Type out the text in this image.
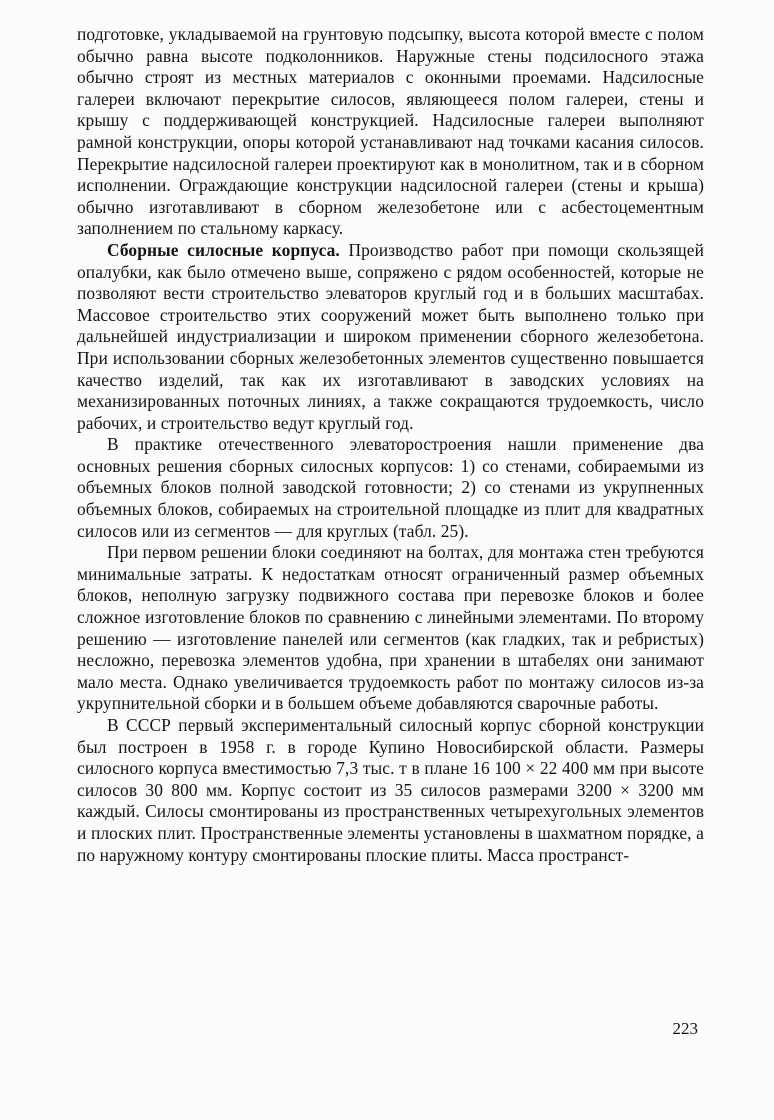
подготовке, укладываемой на грунтовую подсыпку, высота которой вместе с полом обычно равна высоте подколонников. Наружные стены подсилосного этажа обычно строят из местных материалов с оконными проемами. Надсилосные галереи включают перекрытие силосов, являющееся полом галереи, стены и крышу с поддерживающей конструкцией. Надсилосные галереи выполняют рамной конструкции, опоры которой устанавливают над точками касания силосов. Перекрытие надсилосной галереи проектируют как в монолитном, так и в сборном исполнении. Ограждающие конструкции надсилосной галереи (стены и крыша) обычно изготавливают в сборном железобетоне или с асбестоцементным заполнением по стальному каркасу.

Сборные силосные корпуса. Производство работ при помощи скользящей опалубки, как было отмечено выше, сопряжено с рядом особенностей, которые не позволяют вести строительство элеваторов круглый год и в больших масштабах. Массовое строительство этих сооружений может быть выполнено только при дальнейшей индустриализации и широком применении сборного железобетона. При использовании сборных железобетонных элементов существенно повышается качество изделий, так как их изготавливают в заводских условиях на механизированных поточных линиях, а также сокращаются трудоемкость, число рабочих, и строительство ведут круглый год.

В практике отечественного элеваторостроения нашли применение два основных решения сборных силосных корпусов: 1) со стенами, собираемыми из объемных блоков полной заводской готовности; 2) со стенами из укрупненных объемных блоков, собираемых на строительной площадке из плит для квадратных силосов или из сегментов — для круглых (табл. 25).

При первом решении блоки соединяют на болтах, для монтажа стен требуются минимальные затраты. К недостаткам относят ограниченный размер объемных блоков, неполную загрузку подвижного состава при перевозке блоков и более сложное изготовление блоков по сравнению с линейными элементами. По второму решению — изготовление панелей или сегментов (как гладких, так и ребристых) несложно, перевозка элементов удобна, при хранении в штабелях они занимают мало места. Однако увеличивается трудоемкость работ по монтажу силосов из-за укрупнительной сборки и в большем объеме добавляются сварочные работы.

В СССР первый экспериментальный силосный корпус сборной конструкции был построен в 1958 г. в городе Купино Новосибирской области. Размеры силосного корпуса вместимостью 7,3 тыс. т в плане 16 100 × 22 400 мм при высоте силосов 30 800 мм. Корпус состоит из 35 силосов размерами 3200 × 3200 мм каждый. Силосы смонтированы из пространственных четырехугольных элементов и плоских плит. Пространственные элементы установлены в шахматном порядке, а по наружному контуру смонтированы плоские плиты. Масса пространст-

223
